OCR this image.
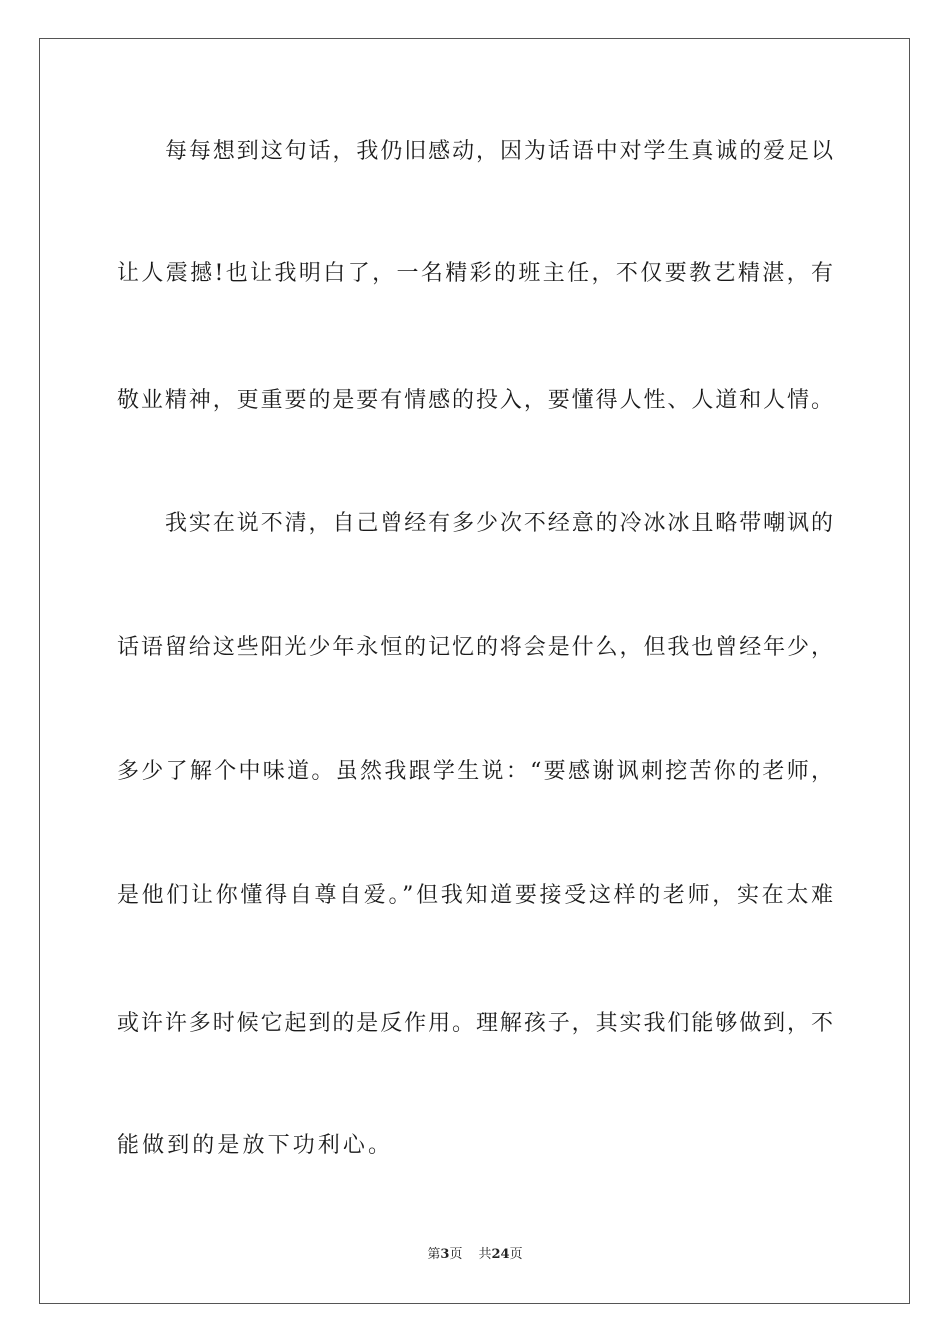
每每想到这句话，我仍旧感动，因为话语中对学生真诚的爱足以
让人震撼!也让我明白了，一名精彩的班主任，不仅要教艺精湛，有
敬业精神，更重要的是要有情感的投入，要懂得人性、人道和人情。
我实在说不清，自己曾经有多少次不经意的冷冰冰且略带嘲讽的
话语留给这些阳光少年永恒的记忆的将会是什么，但我也曾经年少，
多少了解个中味道。虽然我跟学生说：“要感谢讽刺挖苦你的老师，
是他们让你懂得自尊自爱。”但我知道要接受这样的老师，实在太难
或许许多时候它起到的是反作用。理解孩子，其实我们能够做到，不
能做到的是放下功利心。
第3页 共24页
